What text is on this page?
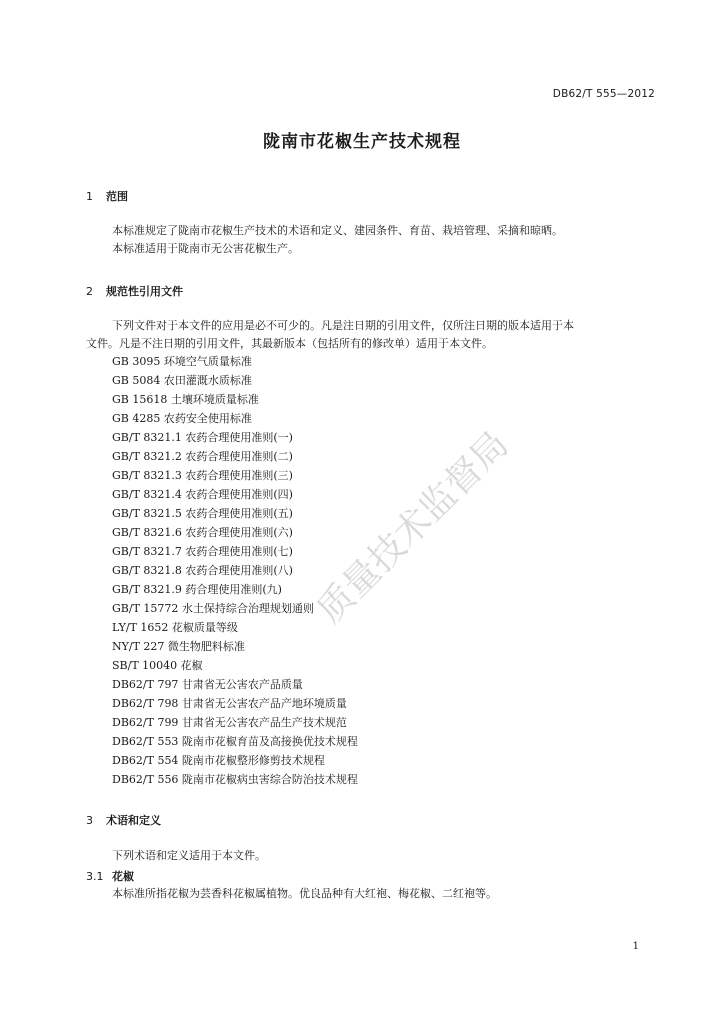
DB62/T 555—2012
陇南市花椒生产技术规程
1 范围
本标准规定了陇南市花椒生产技术的术语和定义、建园条件、育苗、栽培管理、采摘和晾晒。
本标准适用于陇南市无公害花椒生产。
2 规范性引用文件
下列文件对于本文件的应用是必不可少的。凡是注日期的引用文件，仅所注日期的版本适用于本
文件。凡是不注日期的引用文件，其最新版本（包括所有的修改单）适用于本文件。
GB 3095 环境空气质量标准
GB 5084 农田灌溉水质标准
GB 15618 土壤环境质量标准
GB 4285 农药安全使用标准
GB/T 8321.1 农药合理使用准则(一)
GB/T 8321.2 农药合理使用准则(二)
GB/T 8321.3 农药合理使用准则(三)
GB/T 8321.4 农药合理使用准则(四)
GB/T 8321.5 农药合理使用准则(五)
GB/T 8321.6 农药合理使用准则(六)
GB/T 8321.7 农药合理使用准则(七)
GB/T 8321.8 农药合理使用准则(八)
GB/T 8321.9 药合理使用准则(九)
GB/T 15772 水土保持综合治理规划通则
LY/T 1652 花椒质量等级
NY/T 227 微生物肥料标准
SB/T 10040 花椒
DB62/T 797 甘肃省无公害农产品质量
DB62/T 798 甘肃省无公害农产品产地环境质量
DB62/T 799 甘肃省无公害农产品生产技术规范
DB62/T 553 陇南市花椒育苗及高接换优技术规程
DB62/T 554 陇南市花椒整形修剪技术规程
DB62/T 556 陇南市花椒病虫害综合防治技术规程
3 术语和定义
下列术语和定义适用于本文件。
3.1 花椒
本标准所指花椒为芸香科花椒属植物。优良品种有大红袍、梅花椒、二红袍等。
质量技术监督局
1
